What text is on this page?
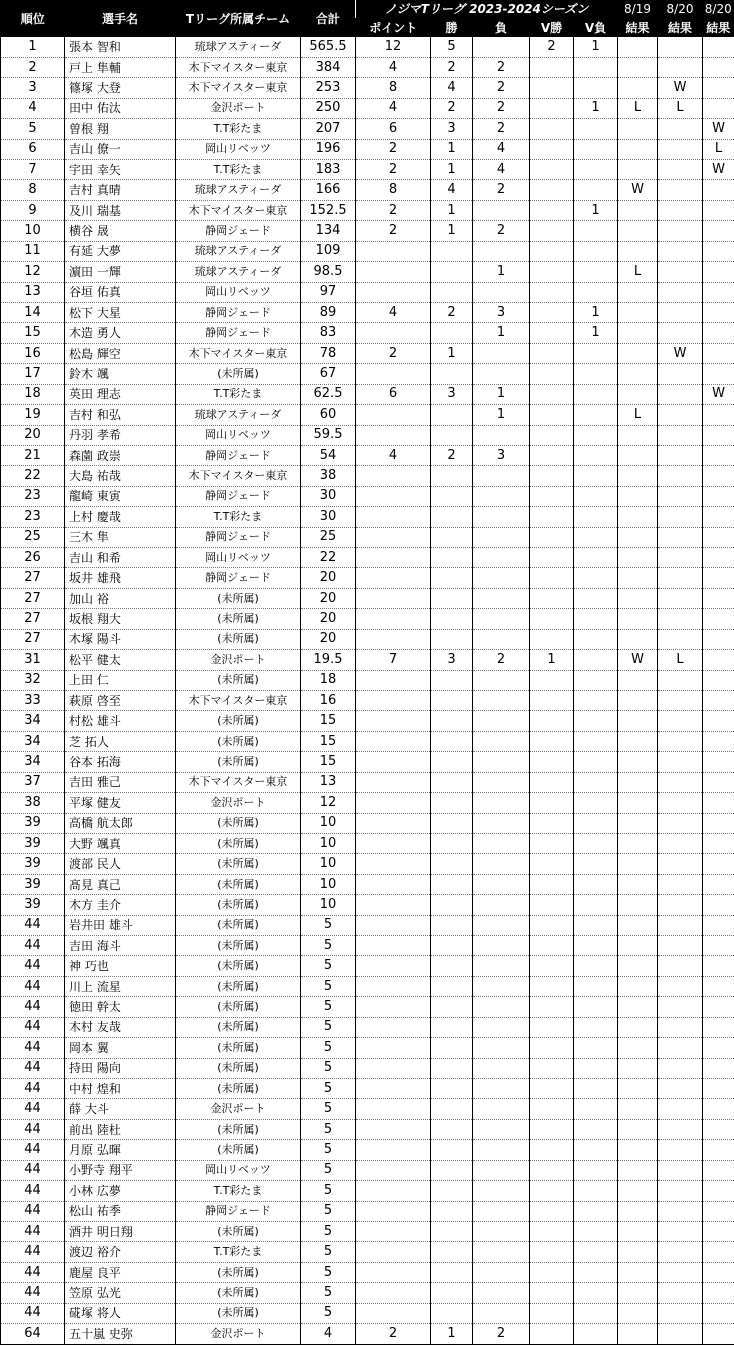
順位	選手名	Tリーグ所属チーム	合計	ノジマTリーグ 2023-2024シーズン					8/19	8/20	8/20
				ポイント	勝	負	V勝	V負	結果	結果	結果
1	張本 智和	琉球アスティーダ	565.5	12	5		2	1			
2	戸上 隼輔	木下マイスター東京	384	4	2	2					
3	篠塚 大登	木下マイスター東京	253	8	4	2				W	
4	田中 佑汰	金沢ポート	250	4	2	2		1	L	L	
5	曽根 翔	T.T彩たま	207	6	3	2					W
6	吉山 僚一	岡山リベッツ	196	2	1	4					L
7	宇田 幸矢	T.T彩たま	183	2	1	4					W
8	吉村 真晴	琉球アスティーダ	166	8	4	2			W		
9	及川 瑞基	木下マイスター東京	152.5	2	1			1			
10	横谷 晟	静岡ジェード	134	2	1	2					
11	有延 大夢	琉球アスティーダ	109								
12	濵田 一輝	琉球アスティーダ	98.5			1			L		
13	谷垣 佑真	岡山リベッツ	97								
14	松下 大星	静岡ジェード	89	4	2	3		1			
15	木造 勇人	静岡ジェード	83			1		1			
16	松島 輝空	木下マイスター東京	78	2	1					W	
17	鈴木 颯	(未所属)	67								
18	英田 理志	T.T彩たま	62.5	6	3	1					W
19	吉村 和弘	琉球アスティーダ	60			1			L		
20	丹羽 孝希	岡山リベッツ	59.5								
21	森薗 政崇	静岡ジェード	54	4	2	3					
22	大島 祐哉	木下マイスター東京	38								
23	龍崎 東寅	静岡ジェード	30								
23	上村 慶哉	T.T彩たま	30								
25	三木 隼	静岡ジェード	25								
26	吉山 和希	岡山リベッツ	22								
27	坂井 雄飛	静岡ジェード	20								
27	加山 裕	(未所属)	20								
27	坂根 翔大	(未所属)	20								
27	木塚 陽斗	(未所属)	20								
31	松平 健太	金沢ポート	19.5	7	3	2	1		W	L	
32	上田 仁	(未所属)	18								
33	萩原 啓至	木下マイスター東京	16								
34	村松 雄斗	(未所属)	15								
34	芝 拓人	(未所属)	15								
34	谷本 拓海	(未所属)	15								
37	吉田 雅己	木下マイスター東京	13								
38	平塚 健友	金沢ポート	12								
39	高橋 航太郎	(未所属)	10								
39	大野 颯真	(未所属)	10								
39	渡部 民人	(未所属)	10								
39	髙見 真己	(未所属)	10								
39	木方 圭介	(未所属)	10								
44	岩井田 雄斗	(未所属)	5								
44	吉田 海斗	(未所属)	5								
44	神 巧也	(未所属)	5								
44	川上 流星	(未所属)	5								
44	徳田 幹太	(未所属)	5								
44	木村 友哉	(未所属)	5								
44	岡本 翼	(未所属)	5								
44	持田 陽向	(未所属)	5								
44	中村 煌和	(未所属)	5								
44	薛 大斗	金沢ポート	5								
44	前出 陸杜	(未所属)	5								
44	月原 弘暉	(未所属)	5								
44	小野寺 翔平	岡山リベッツ	5								
44	小林 広夢	T.T彩たま	5								
44	松山 祐季	静岡ジェード	5								
44	酒井 明日翔	(未所属)	5								
44	渡辺 裕介	T.T彩たま	5								
44	鹿屋 良平	(未所属)	5								
44	笠原 弘光	(未所属)	5								
44	硴塚 将人	(未所属)	5								
64	五十嵐 史弥	金沢ポート	4	2	1	2					
